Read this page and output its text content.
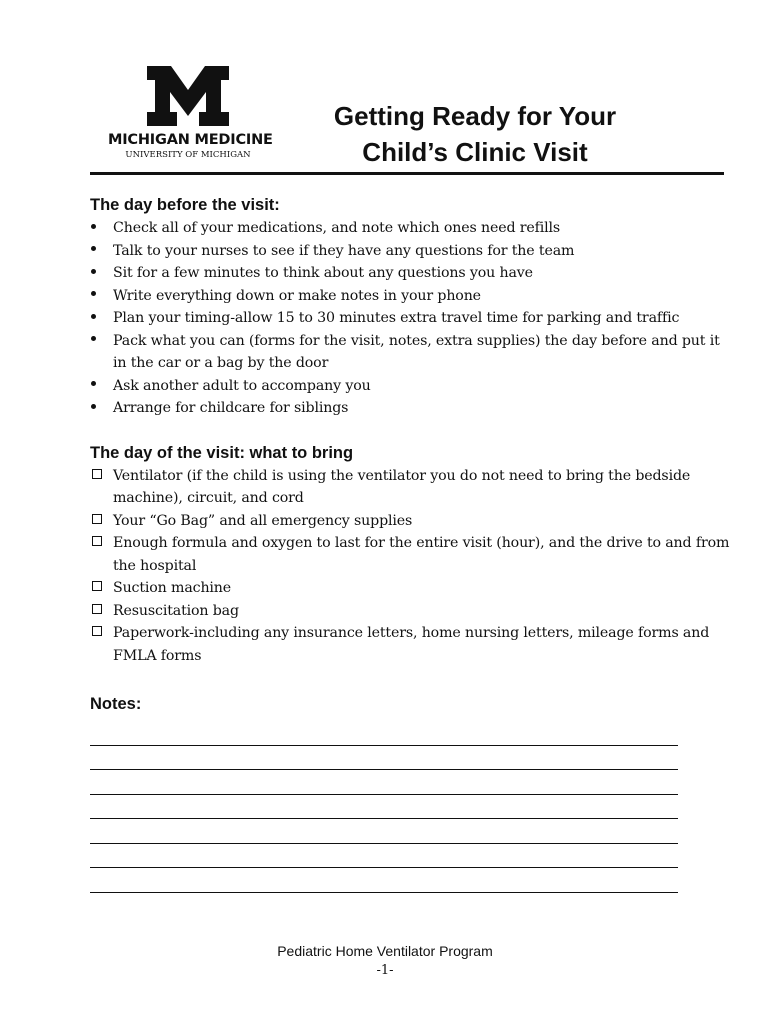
MICHIGAN MEDICINE
UNIVERSITY OF MICHIGAN
Getting Ready for Your
Child’s Clinic Visit
The day before the visit:
Check all of your medications, and note which ones need refills
Talk to your nurses to see if they have any questions for the team
Sit for a few minutes to think about any questions you have
Write everything down or make notes in your phone
Plan your timing-allow 15 to 30 minutes extra travel time for parking and traffic
Pack what you can (forms for the visit, notes, extra supplies) the day before and put it in the car or a bag by the door
Ask another adult to accompany you
Arrange for childcare for siblings
The day of the visit: what to bring
Ventilator (if the child is using the ventilator you do not need to bring the bedside machine), circuit, and cord
Your “Go Bag” and all emergency supplies
Enough formula and oxygen to last for the entire visit (hour), and the drive to and from the hospital
Suction machine
Resuscitation bag
Paperwork-including any insurance letters, home nursing letters, mileage forms and FMLA forms
Notes:
Pediatric Home Ventilator Program
-1-
